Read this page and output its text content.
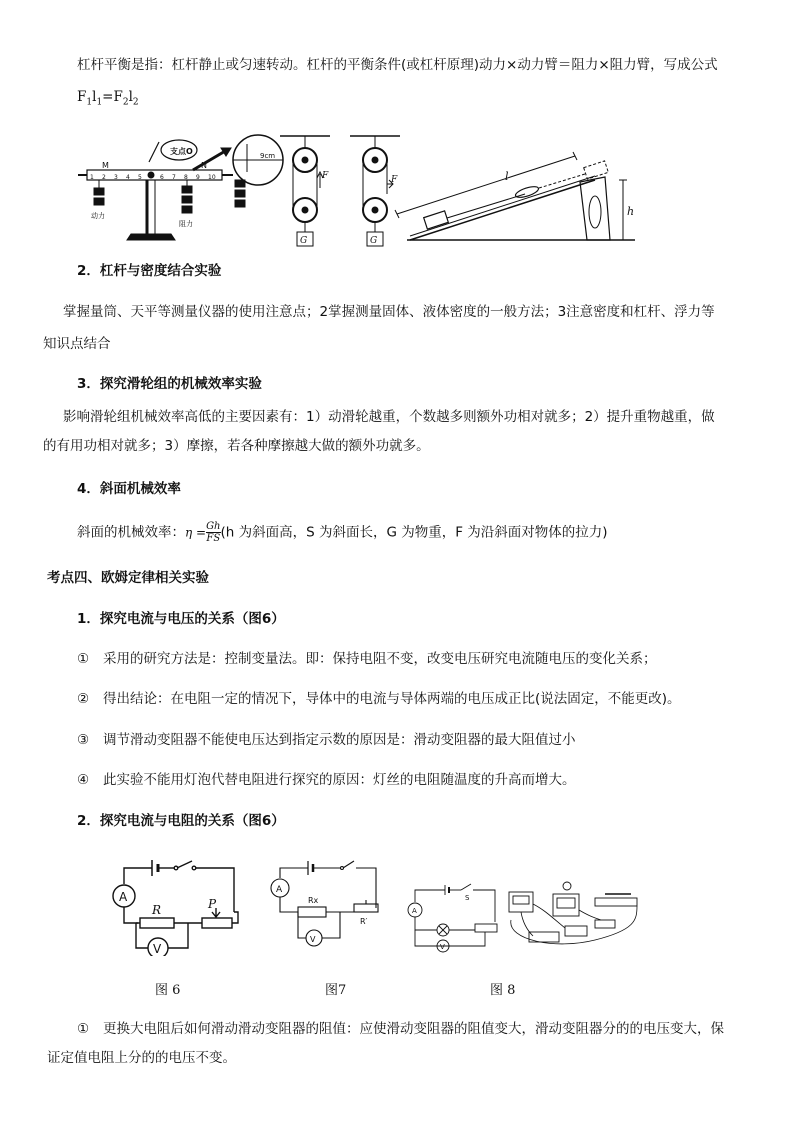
杠杆平衡是指：杠杆静止或匀速转动。杠杆的平衡条件(或杠杆原理)动力×动力臂＝阻力×阻力臂，写成公式
$F_1l_1=F_2l_2$
支点O
M	N
动力
阻力
9cm
1 2 3 4 5	6 7 8 9 10	F	F
G	G
l
h
2．杠杆与密度结合实验
掌握量筒、天平等测量仪器的使用注意点；2掌握测量固体、液体密度的一般方法；3注意密度和杠杆、浮力等
知识点结合
3．探究滑轮组的机械效率实验
影响滑轮组机械效率高低的主要因素有：1）动滑轮越重，个数越多则额外功相对就多；2）提升重物越重，做
的有用功相对就多；3）摩擦，若各种摩擦越大做的额外功就多。
4．斜面机械效率
斜面的机械效率：$\eta = \frac{Gh}{FS} (h$ 为斜面高，S 为斜面长，G 为物重，F 为沿斜面对物体的拉力)
考点四、欧姆定律相关实验
1．探究电流与电压的关系（图6）
① 采用的研究方法是：控制变量法。即：保持电阻不变，改变电压研究电流随电压的变化关系；
② 得出结论：在电阻一定的情况下，导体中的电流与导体两端的电压成正比(说法固定，不能更改)。
③ 调节滑动变阻器不能使电压达到指定示数的原因是：滑动变阻器的最大阻值过小
④ 此实验不能用灯泡代替电阻进行探究的原因：灯丝的电阻随温度的升高而增大。
2．探究电流与电阻的关系（图6）
A
V
R	P
A
V
Rx
R′
A
V
S
图 6	图7	图 8
① 更换大电阻后如何滑动滑动变阻器的阻值：应使滑动变阻器的阻值变大，滑动变阻器分的的电压变大，保
证定值电阻上分的的电压不变。
